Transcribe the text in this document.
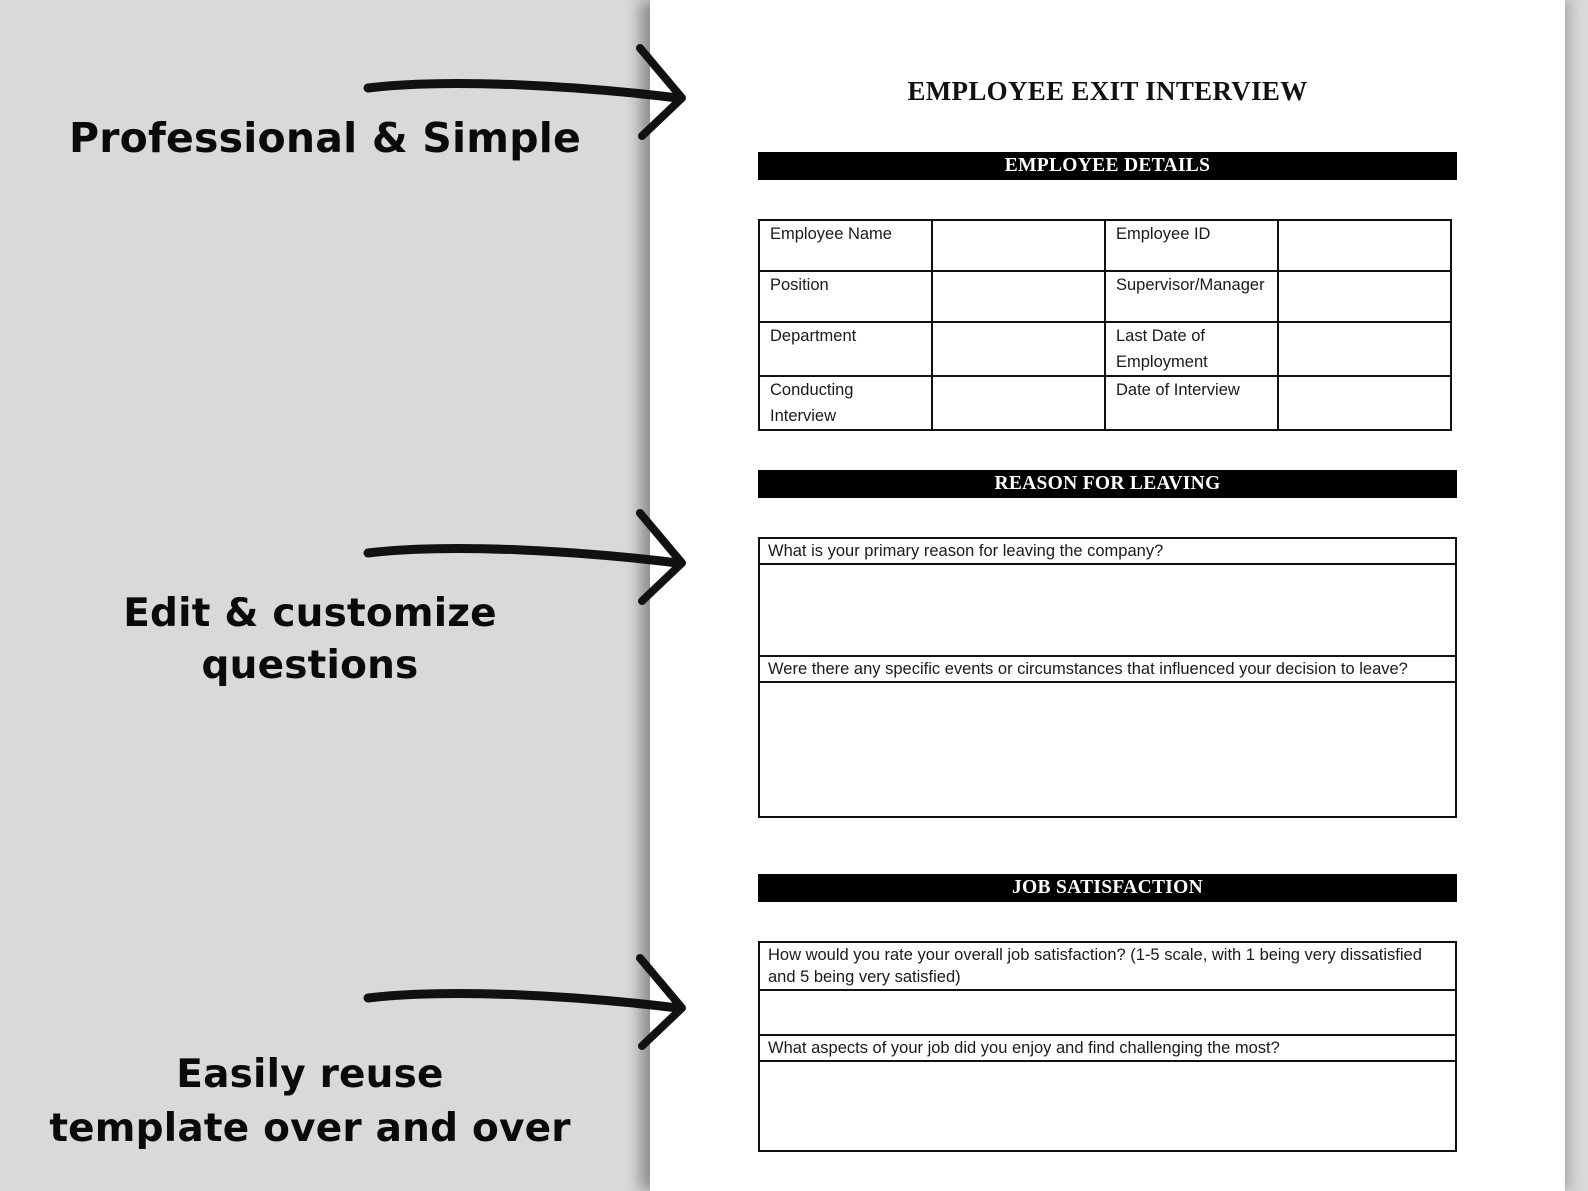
Professional & Simple
Edit & customize questions
Easily reuse
template over and over
EMPLOYEE EXIT INTERVIEW
EMPLOYEE DETAILS
Employee Name		Employee ID	
Position		Supervisor/Manager	
Department		Last Date of Employment	
Conducting Interview		Date of Interview	
REASON FOR LEAVING
What is your primary reason for leaving the company?
Were there any specific events or circumstances that influenced your decision to leave?
JOB SATISFACTION
How would you rate your overall job satisfaction? (1-5 scale, with 1 being very dissatisfied and 5 being very satisfied)
What aspects of your job did you enjoy and find challenging the most?
